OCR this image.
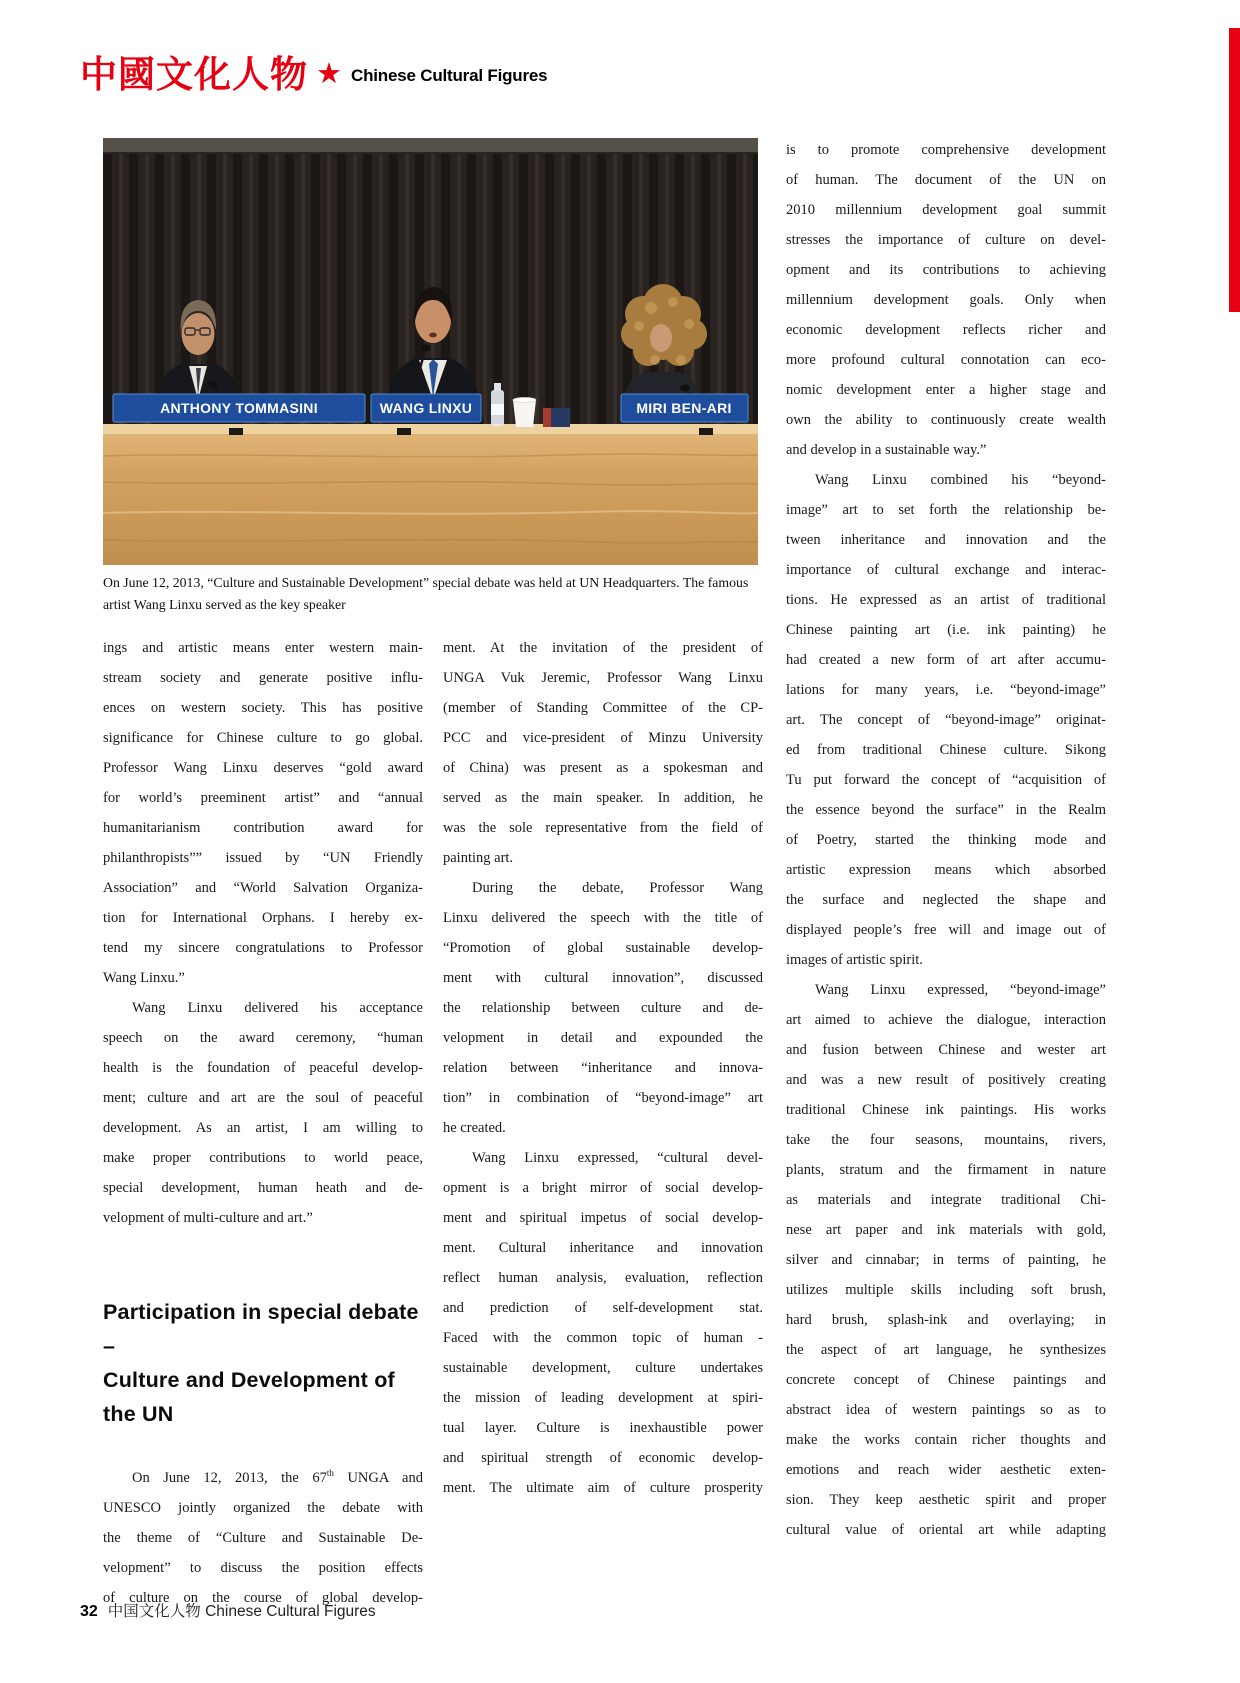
中國文化人物 ★ Chinese Cultural Figures
ANTHONY TOMMASINI	WANG LINXU	MIRI BEN-ARI
On June 12, 2013, “Culture and Sustainable Development” special debate was held at UN Headquarters. The famous artist Wang Linxu served as the key speaker
ings and artistic means enter western main-
stream society and generate positive influ-
ences on western society. This has positive
significance for Chinese culture to go global.
Professor Wang Linxu deserves “gold award
for world’s preeminent artist” and “annual
humanitarianism contribution award for
philanthropists”” issued by “UN Friendly
Association” and “World Salvation Organiza-
tion for International Orphans. I hereby ex-
tend my sincere congratulations to Professor
Wang Linxu.”
Wang Linxu delivered his acceptance
speech on the award ceremony, “human
health is the foundation of peaceful develop-
ment; culture and art are the soul of peaceful
development. As an artist, I am willing to
make proper contributions to world peace,
special development, human heath and de-
velopment of multi-culture and art.”
Participation in special debate –
Culture and Development of the UN
On June 12, 2013, the 67th UNGA and
UNESCO jointly organized the debate with
the theme of “Culture and Sustainable De-
velopment” to discuss the position effects
of culture on the course of global develop-
ment. At the invitation of the president of
UNGA Vuk Jeremic, Professor Wang Linxu
(member of Standing Committee of the CP-
PCC and vice-president of Minzu University
of China) was present as a spokesman and
served as the main speaker. In addition, he
was the sole representative from the field of
painting art.
During the debate, Professor Wang
Linxu delivered the speech with the title of
“Promotion of global sustainable develop-
ment with cultural innovation”, discussed
the relationship between culture and de-
velopment in detail and expounded the
relation between “inheritance and innova-
tion” in combination of “beyond-image” art
he created.
Wang Linxu expressed, “cultural devel-
opment is a bright mirror of social develop-
ment and spiritual impetus of social develop-
ment. Cultural inheritance and innovation
reflect human analysis, evaluation, reflection
and prediction of self-development stat.
Faced with the common topic of human -
sustainable development, culture undertakes
the mission of leading development at spiri-
tual layer. Culture is inexhaustible power
and spiritual strength of economic develop-
ment. The ultimate aim of culture prosperity
is to promote comprehensive development
of human. The document of the UN on
2010 millennium development goal summit
stresses the importance of culture on devel-
opment and its contributions to achieving
millennium development goals. Only when
economic development reflects richer and
more profound cultural connotation can eco-
nomic development enter a higher stage and
own the ability to continuously create wealth
and develop in a sustainable way.”
Wang Linxu combined his “beyond-
image” art to set forth the relationship be-
tween inheritance and innovation and the
importance of cultural exchange and interac-
tions. He expressed as an artist of traditional
Chinese painting art (i.e. ink painting) he
had created a new form of art after accumu-
lations for many years, i.e. “beyond-image”
art. The concept of “beyond-image” originat-
ed from traditional Chinese culture. Sikong
Tu put forward the concept of “acquisition of
the essence beyond the surface” in the Realm
of Poetry, started the thinking mode and
artistic expression means which absorbed
the surface and neglected the shape and
displayed people’s free will and image out of
images of artistic spirit.
Wang Linxu expressed, “beyond-image”
art aimed to achieve the dialogue, interaction
and fusion between Chinese and wester art
and was a new result of positively creating
traditional Chinese ink paintings. His works
take the four seasons, mountains, rivers,
plants, stratum and the firmament in nature
as materials and integrate traditional Chi-
nese art paper and ink materials with gold,
silver and cinnabar; in terms of painting, he
utilizes multiple skills including soft brush,
hard brush, splash-ink and overlaying; in
the aspect of art language, he synthesizes
concrete concept of Chinese paintings and
abstract idea of western paintings so as to
make the works contain richer thoughts and
emotions and reach wider aesthetic exten-
sion. They keep aesthetic spirit and proper
cultural value of oriental art while adapting
32 中国文化人物 Chinese Cultural Figures
